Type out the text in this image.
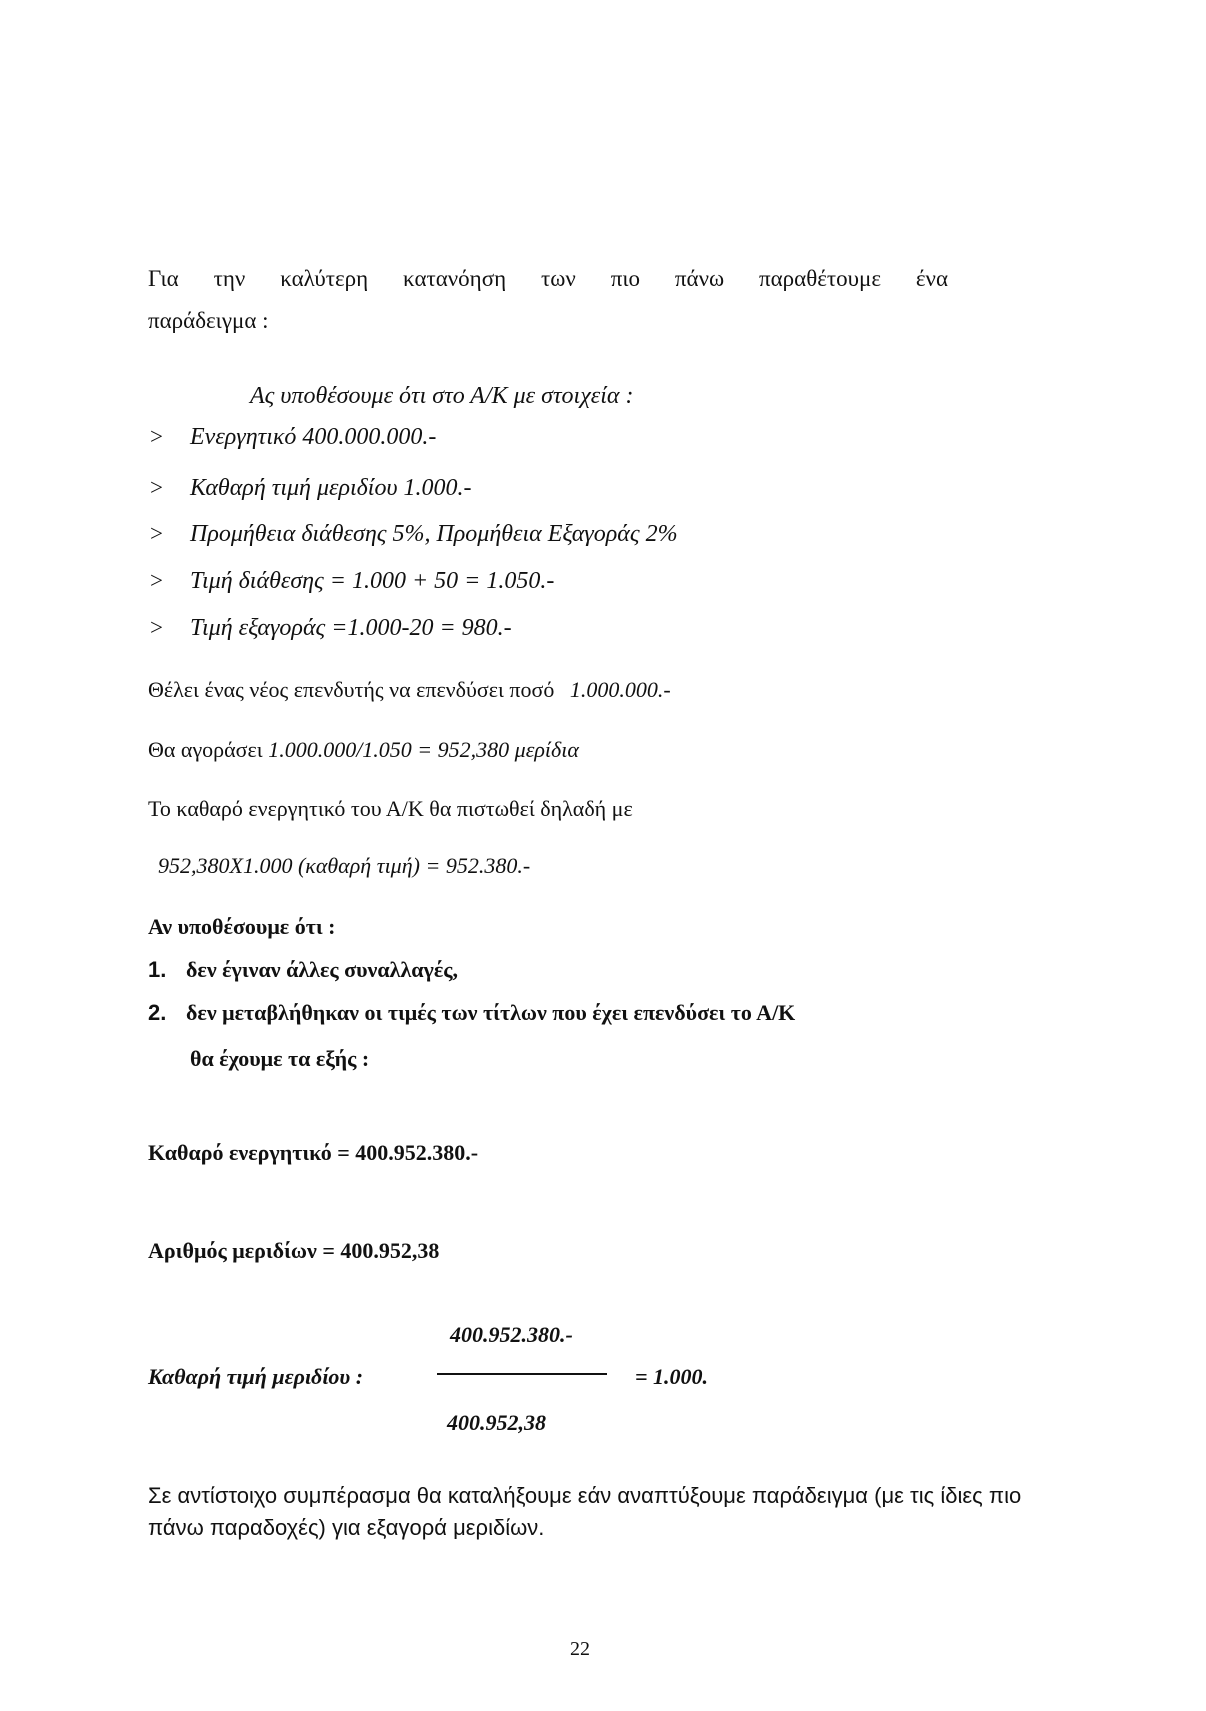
Για την καλύτερη κατανόηση των πιο πάνω παραθέτουμε ένα
παράδειγμα :
Ας υποθέσουμε ότι στο Α/Κ με στοιχεία :
> Ενεργητικό 400.000.000.-
> Καθαρή τιμή μεριδίου 1.000.-
> Προμήθεια διάθεσης 5%, Προμήθεια Εξαγοράς 2%
> Τιμή διάθεσης = 1.000 + 50 = 1.050.-
> Τιμή εξαγοράς =1.000-20 = 980.-
Θέλει ένας νέος επενδυτής να επενδύσει ποσό 1.000.000.-
Θα αγοράσει 1.000.000/1.050 = 952,380 μερίδια
Το καθαρό ενεργητικό του Α/Κ θα πιστωθεί δηλαδή με
952,380Χ1.000 (καθαρή τιμή) = 952.380.-
Αν υποθέσουμε ότι :
1. δεν έγιναν άλλες συναλλαγές,
2. δεν μεταβλήθηκαν οι τιμές των τίτλων που έχει επενδύσει το Α/Κ
θα έχουμε τα εξής :
Καθαρό ενεργητικό = 400.952.380.-
Αριθμός μεριδίων = 400.952,38
400.952.380.-
Καθαρή τιμή μεριδίου :	= 1.000.
400.952,38
Σε αντίστοιχο συμπέρασμα θα καταλήξουμε εάν αναπτύξουμε παράδειγμα (με τις ίδιες πιο πάνω παραδοχές) για εξαγορά μεριδίων.
22
